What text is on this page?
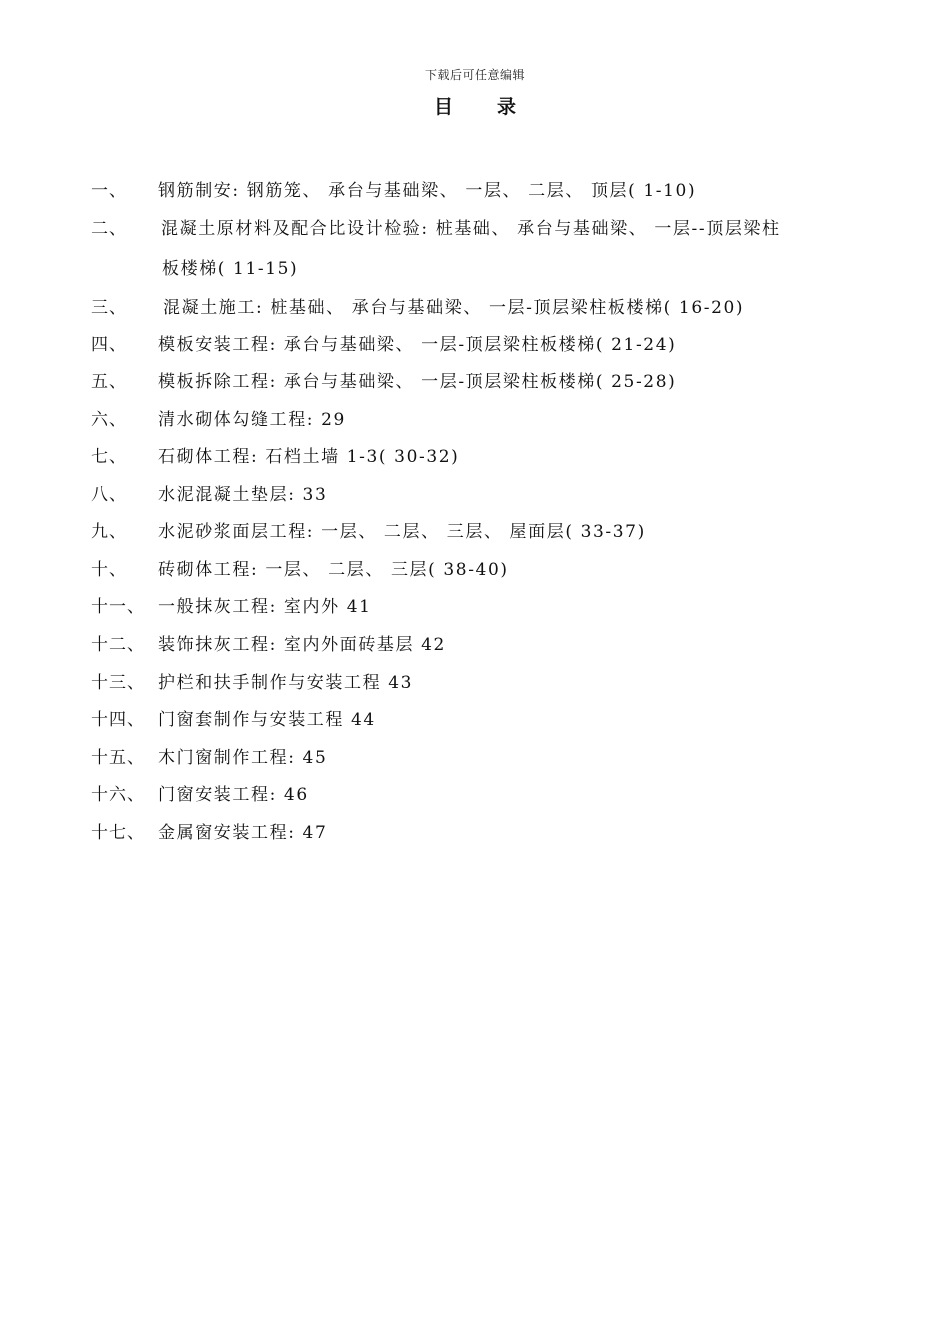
下载后可任意编辑
目 录
一、 钢筋制安: 钢筋笼、 承台与基础梁、 一层、 二层、 顶层( 1-10)
二、 混凝土原材料及配合比设计检验: 桩基础、 承台与基础梁、 一层--顶层梁柱
板楼梯( 11-15)
三、 混凝土施工: 桩基础、 承台与基础梁、 一层-顶层梁柱板楼梯( 16-20)
四、 模板安装工程: 承台与基础梁、 一层-顶层梁柱板楼梯( 21-24)
五、 模板拆除工程: 承台与基础梁、 一层-顶层梁柱板楼梯( 25-28)
六、 清水砌体勾缝工程: 29
七、 石砌体工程: 石档土墙 1-3( 30-32)
八、 水泥混凝土垫层: 33
九、 水泥砂浆面层工程: 一层、 二层、 三层、 屋面层( 33-37)
十、 砖砌体工程: 一层、 二层、 三层( 38-40)
十一、 一般抹灰工程: 室内外 41
十二、 装饰抹灰工程: 室内外面砖基层 42
十三、 护栏和扶手制作与安装工程 43
十四、 门窗套制作与安装工程 44
十五、 木门窗制作工程: 45
十六、 门窗安装工程: 46
十七、 金属窗安装工程: 47
